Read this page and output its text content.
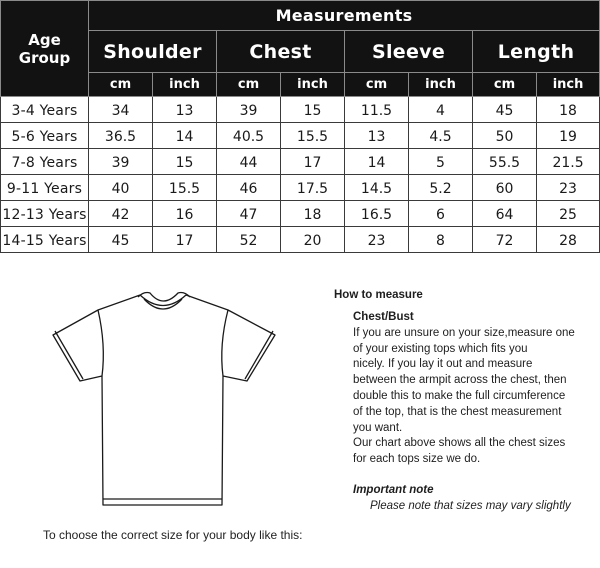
Age Group	Measurements							
	Shoulder		Chest		Sleeve		Length	
	cm	inch	cm	inch	cm	inch	cm	inch
3-4 Years	34	13	39	15	11.5	4	45	18
5-6 Years	36.5	14	40.5	15.5	13	4.5	50	19
7-8 Years	39	15	44	17	14	5	55.5	21.5
9-11 Years	40	15.5	46	17.5	14.5	5.2	60	23
12-13 Years	42	16	47	18	16.5	6	64	25
14-15 Years	45	17	52	20	23	8	72	28
To choose the correct size for your body like this:
How to measure
Chest/Bust
If you are unsure on your size,measure one
of your existing tops which fits you
nicely. If you lay it out and measure
between the armpit across the chest, then
double this to make the full circumference
of the top, that is the chest measurement
you want.
Our chart above shows all the chest sizes
for each tops size we do.
Important note
Please note that sizes may vary slightly
